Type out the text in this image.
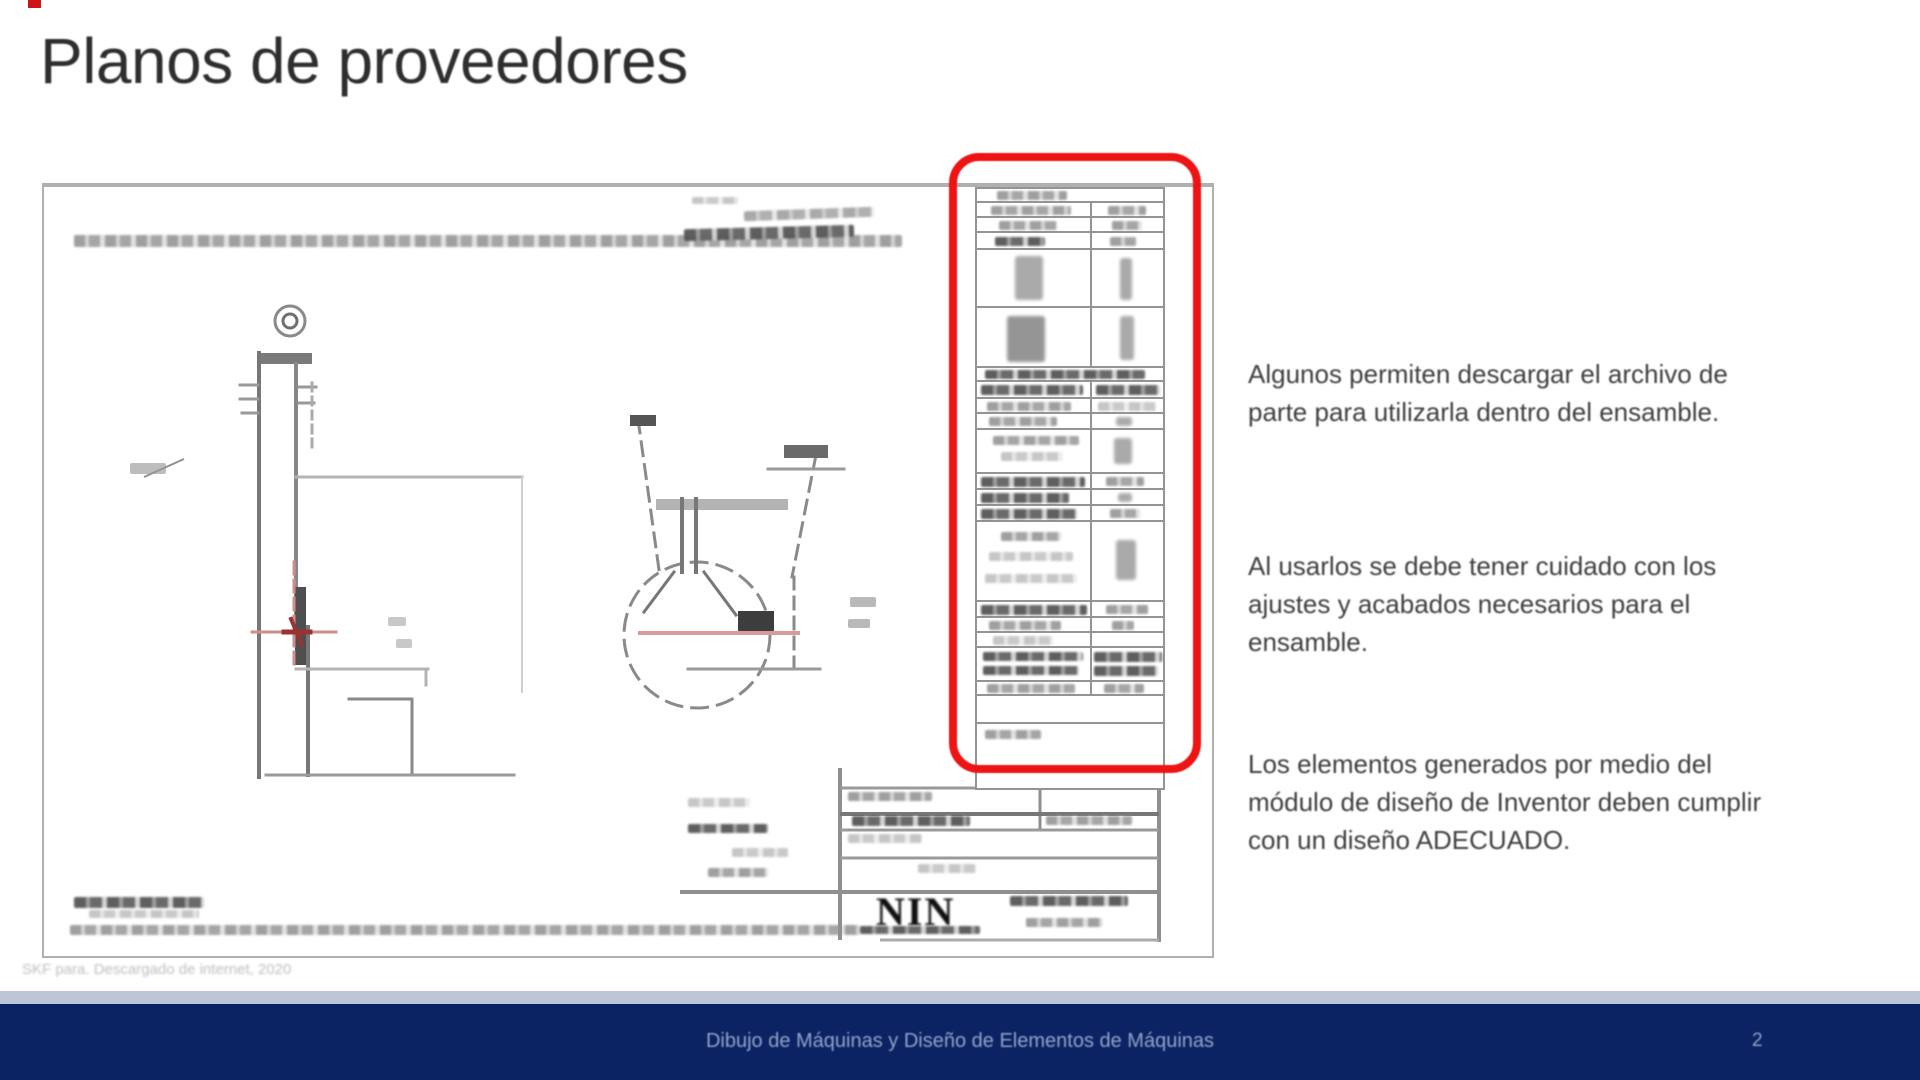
Planos de proveedores
NIN

Algunos permiten descargar el archivo de parte para utilizarla dentro del ensamble.

Al usarlos se debe tener cuidado con los ajustes y acabados necesarios para el ensamble.

Los elementos generados por medio del módulo de diseño de Inventor deben cumplir con un diseño ADECUADO.

SKF para. Descargado de internet, 2020
Dibujo de Máquinas y Diseño de Elementos de Máquinas	2
